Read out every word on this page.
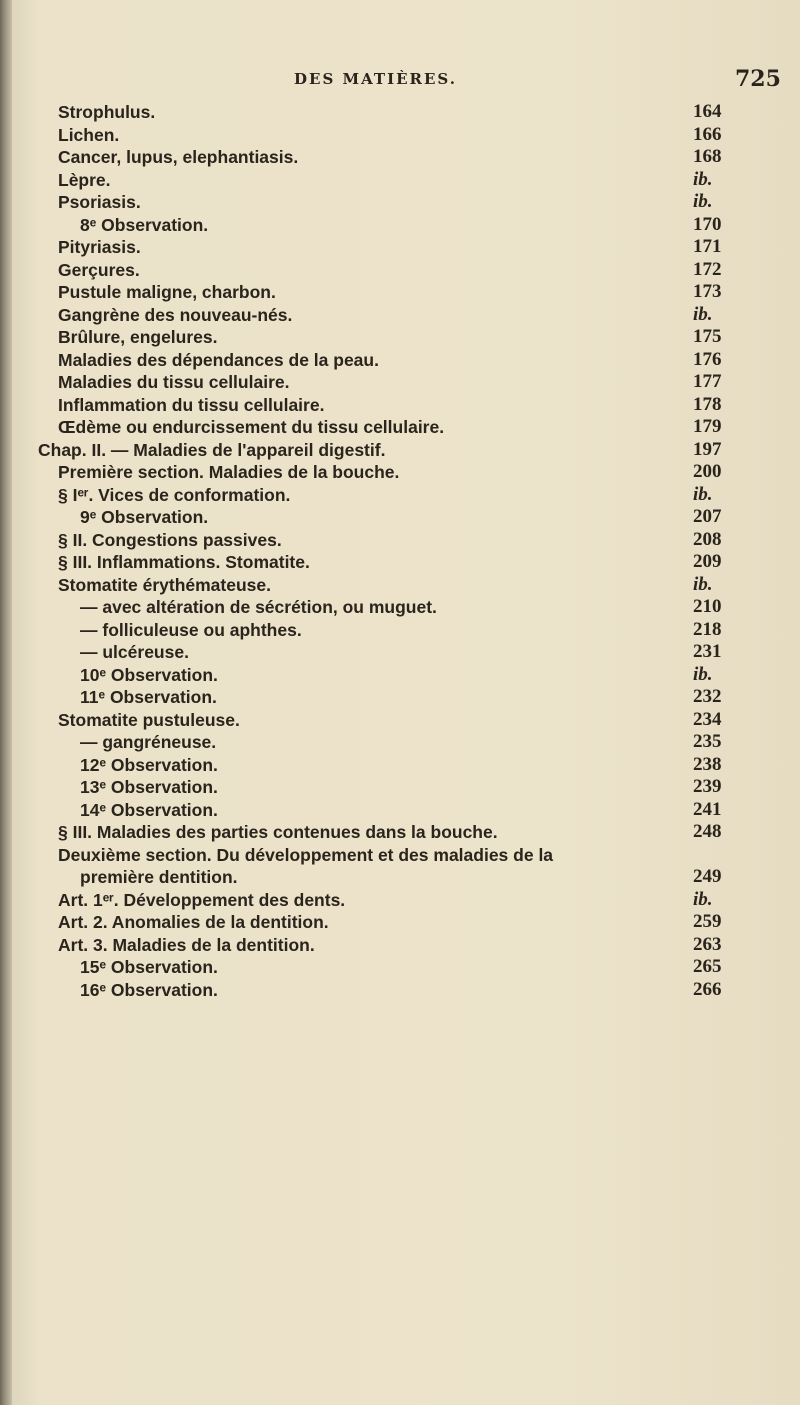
DES MATIÈRES.	725
Strophulus.	164
Lichen.	166
Cancer, lupus, elephantiasis.	168
Lèpre.	ib.
Psoriasis.	ib.
8ᵉ Observation.	170
Pityriasis.	171
Gerçures.	172
Pustule maligne, charbon.	173
Gangrène des nouveau-nés.	ib.
Brûlure, engelures.	175
Maladies des dépendances de la peau.	176
Maladies du tissu cellulaire.	177
Inflammation du tissu cellulaire.	178
Œdème ou endurcissement du tissu cellulaire.	179
Chap. II. — Maladies de l'appareil digestif.	197
Première section. Maladies de la bouche.	200
§ Iᵉʳ. Vices de conformation.	ib.
9ᵉ Observation.	207
§ II. Congestions passives.	208
§ III. Inflammations. Stomatite.	209
Stomatite érythémateuse.	ib.
— avec altération de sécrétion, ou muguet.	210
— folliculeuse ou aphthes.	218
— ulcéreuse.	231
10ᵉ Observation.	ib.
11ᵉ Observation.	232
Stomatite pustuleuse.	234
— gangréneuse.	235
12ᵉ Observation.	238
13ᵉ Observation.	239
14ᵉ Observation.	241
§ III. Maladies des parties contenues dans la bouche.	248
Deuxième section. Du développement et des maladies de la
première dentition.	249
Art. 1ᵉʳ. Développement des dents.	ib.
Art. 2. Anomalies de la dentition.	259
Art. 3. Maladies de la dentition.	263
15ᵉ Observation.	265
16ᵉ Observation.	266
